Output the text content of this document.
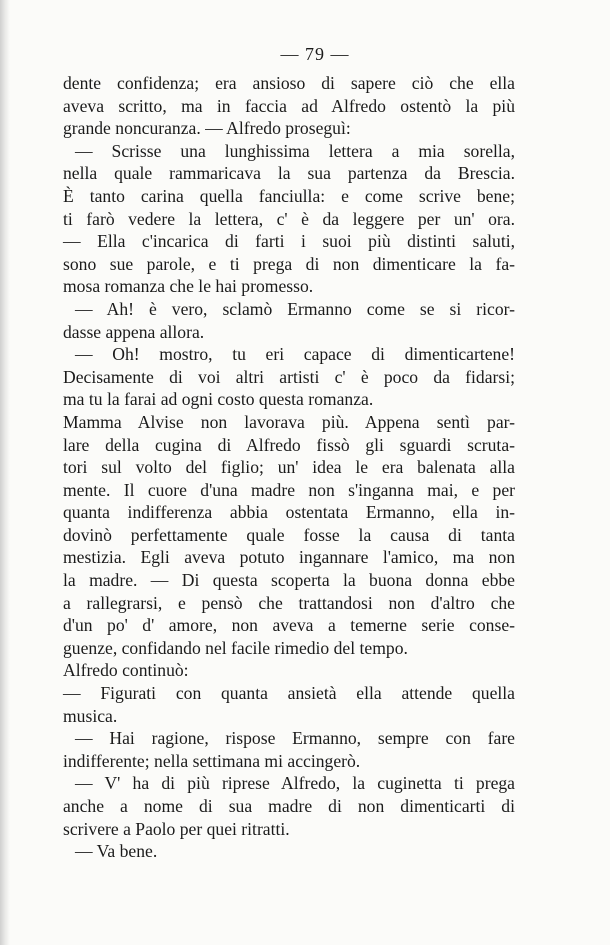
— 79 —
dente confidenza; era ansioso di sapere ciò che ella
aveva scritto, ma in faccia ad Alfredo ostentò la più
grande noncuranza. — Alfredo proseguì:
— Scrisse una lunghissima lettera a mia sorella,
nella quale rammaricava la sua partenza da Brescia.
È tanto carina quella fanciulla: e come scrive bene;
ti farò vedere la lettera, c' è da leggere per un' ora.
— Ella c'incarica di farti i suoi più distinti saluti,
sono sue parole, e ti prega di non dimenticare la fa-
mosa romanza che le hai promesso.
— Ah! è vero, sclamò Ermanno come se si ricor-
dasse appena allora.
— Oh! mostro, tu eri capace di dimenticartene!
Decisamente di voi altri artisti c' è poco da fidarsi;
ma tu la farai ad ogni costo questa romanza.
Mamma Alvise non lavorava più. Appena sentì par-
lare della cugina di Alfredo fissò gli sguardi scruta-
tori sul volto del figlio; un' idea le era balenata alla
mente. Il cuore d'una madre non s'inganna mai, e per
quanta indifferenza abbia ostentata Ermanno, ella in-
dovinò perfettamente quale fosse la causa di tanta
mestizia. Egli aveva potuto ingannare l'amico, ma non
la madre. — Di questa scoperta la buona donna ebbe
a rallegrarsi, e pensò che trattandosi non d'altro che
d'un po' d' amore, non aveva a temerne serie conse-
guenze, confidando nel facile rimedio del tempo.
Alfredo continuò:
— Figurati con quanta ansietà ella attende quella
musica.
— Hai ragione, rispose Ermanno, sempre con fare
indifferente; nella settimana mi accingerò.
— V' ha di più riprese Alfredo, la cuginetta ti prega
anche a nome di sua madre di non dimenticarti di
scrivere a Paolo per quei ritratti.
— Va bene.
